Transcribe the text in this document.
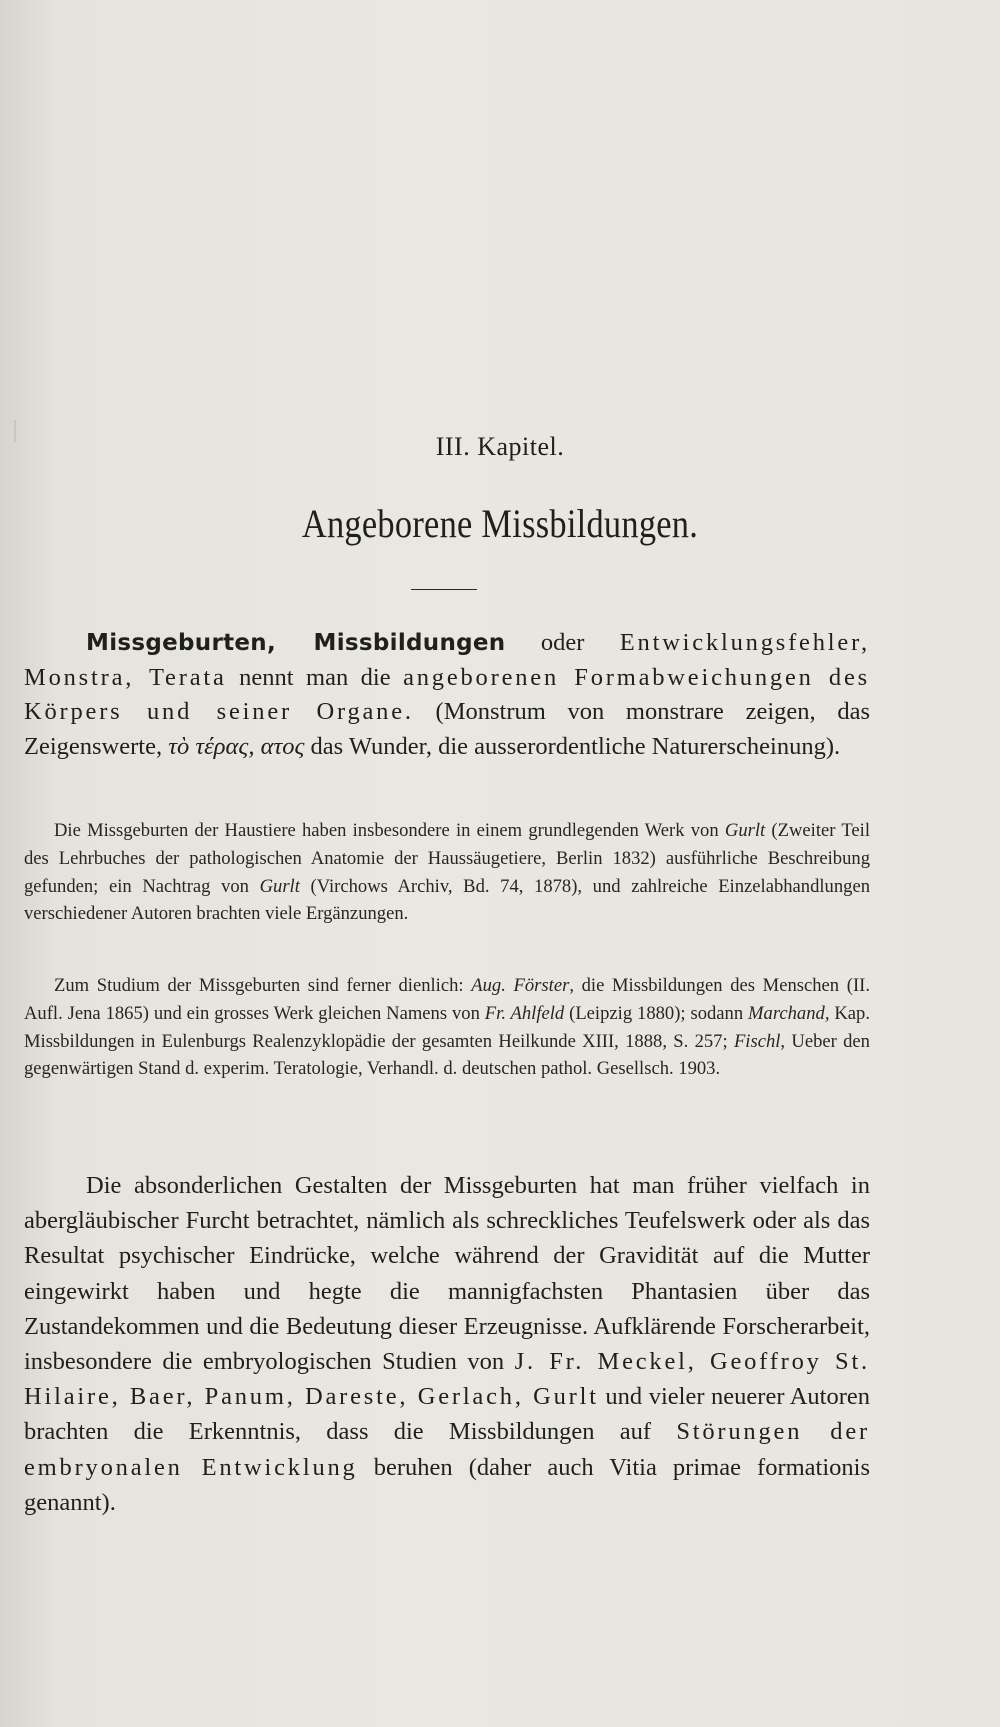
III. Kapitel.
Angeborene Missbildungen.

Missgeburten, Missbildungen oder Entwicklungsfehler, Monstra, Terata nennt man die angeborenen Formabweichungen des Körpers und seiner Organe. (Monstrum von monstrare zeigen, das Zeigenswerte, τὸ τέρας, ατος das Wunder, die ausserordentliche Naturerscheinung).

Die Missgeburten der Haustiere haben insbesondere in einem grundlegenden Werk von Gurlt (Zweiter Teil des Lehrbuches der pathologischen Anatomie der Haussäugetiere, Berlin 1832) ausführliche Beschreibung gefunden; ein Nachtrag von Gurlt (Virchows Archiv, Bd. 74, 1878), und zahlreiche Einzelabhandlungen verschiedener Autoren brachten viele Ergänzungen.

Zum Studium der Missgeburten sind ferner dienlich: Aug. Förster, die Missbildungen des Menschen (II. Aufl. Jena 1865) und ein grosses Werk gleichen Namens von Fr. Ahlfeld (Leipzig 1880); sodann Marchand, Kap. Missbildungen in Eulenburgs Realenzyklopädie der gesamten Heilkunde XIII, 1888, S. 257; Fischl, Ueber den gegenwärtigen Stand d. experim. Teratologie, Verhandl. d. deutschen pathol. Gesellsch. 1903.

Die absonderlichen Gestalten der Missgeburten hat man früher vielfach in abergläubischer Furcht betrachtet, nämlich als schreckliches Teufelswerk oder als das Resultat psychischer Eindrücke, welche während der Gravidität auf die Mutter eingewirkt haben und hegte die mannigfachsten Phantasien über das Zustandekommen und die Bedeutung dieser Erzeugnisse. Aufklärende Forscherarbeit, insbesondere die embryologischen Studien von J. Fr. Meckel, Geoffroy St. Hilaire, Baer, Panum, Dareste, Gerlach, Gurlt und vieler neuerer Autoren brachten die Erkenntnis, dass die Missbildungen auf Störungen der embryonalen Entwicklung beruhen (daher auch Vitia primae formationis genannt).
